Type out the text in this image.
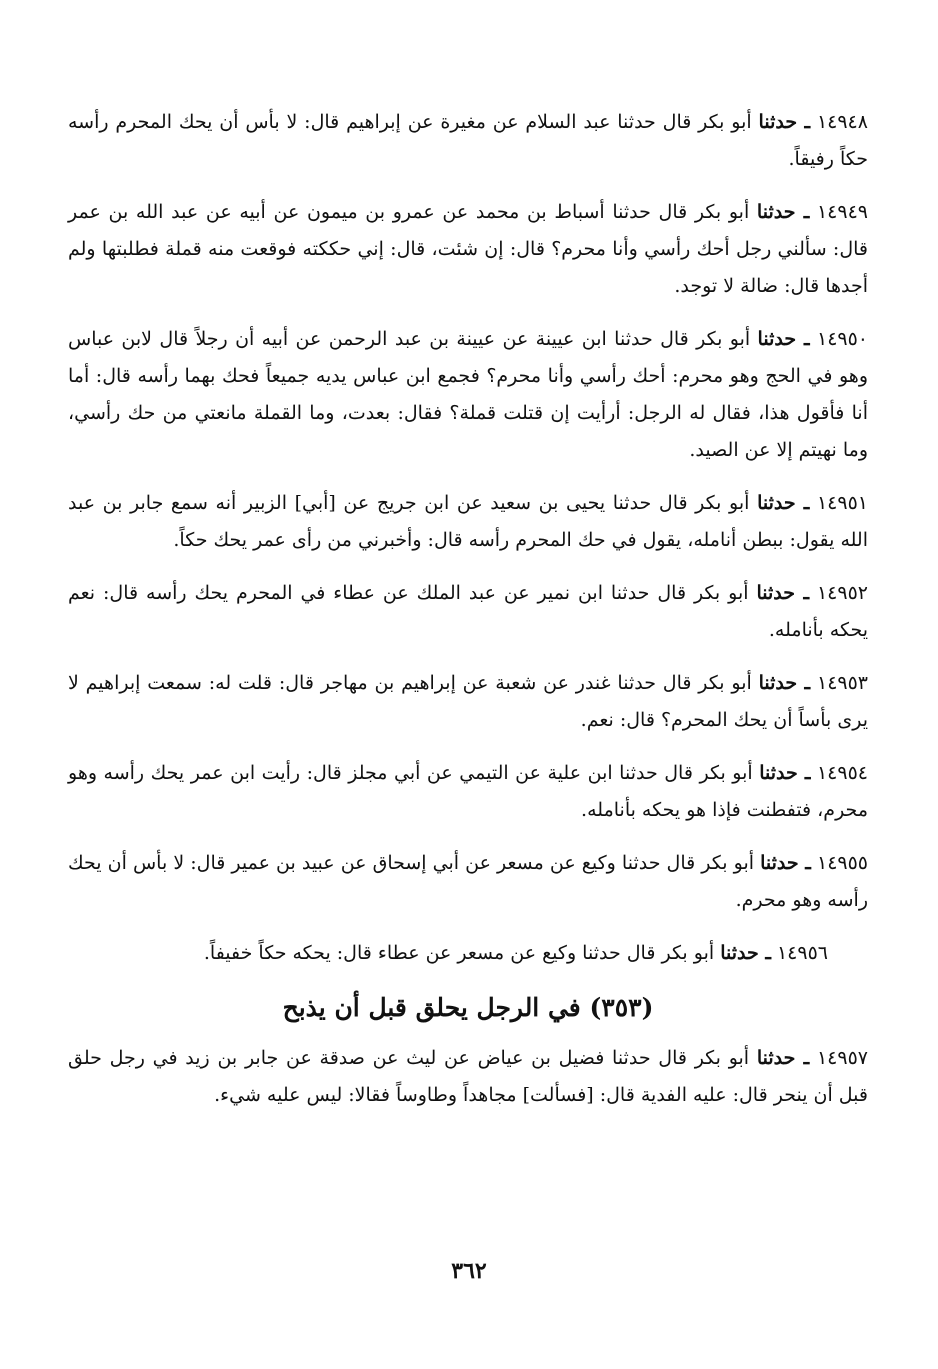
١٤٩٤٨ ـ حدثنا أبو بكر قال حدثنا عبد السلام عن مغيرة عن إبراهيم قال: لا بأس أن يحك المحرم رأسه حكاً رفيقاً.

١٤٩٤٩ ـ حدثنا أبو بكر قال حدثنا أسباط بن محمد عن عمرو بن ميمون عن أبيه عن عبد الله بن عمر قال: سألني رجل أحك رأسي وأنا محرم؟ قال: إن شئت، قال: إني حككته فوقعت منه قملة فطلبتها ولم أجدها قال: ضالة لا توجد.

١٤٩٥٠ ـ حدثنا أبو بكر قال حدثنا ابن عيينة عن عيينة بن عبد الرحمن عن أبيه أن رجلاً قال لابن عباس وهو في الحج وهو محرم: أحك رأسي وأنا محرم؟ فجمع ابن عباس يديه جميعاً فحك بهما رأسه قال: أما أنا فأقول هذا، فقال له الرجل: أرأيت إن قتلت قملة؟ فقال: بعدت، وما القملة مانعتي من حك رأسي، وما نهيتم إلا عن الصيد.

١٤٩٥١ ـ حدثنا أبو بكر قال حدثنا يحيى بن سعيد عن ابن جريج عن [أبي] الزبير أنه سمع جابر بن عبد الله يقول: ببطن أنامله، يقول في حك المحرم رأسه قال: وأخبرني من رأى عمر يحك حكاً.

١٤٩٥٢ ـ حدثنا أبو بكر قال حدثنا ابن نمير عن عبد الملك عن عطاء في المحرم يحك رأسه قال: نعم يحكه بأنامله.

١٤٩٥٣ ـ حدثنا أبو بكر قال حدثنا غندر عن شعبة عن إبراهيم بن مهاجر قال: قلت له: سمعت إبراهيم لا يرى بأساً أن يحك المحرم؟ قال: نعم.

١٤٩٥٤ ـ حدثنا أبو بكر قال حدثنا ابن علية عن التيمي عن أبي مجلز قال: رأيت ابن عمر يحك رأسه وهو محرم، فتفطنت فإذا هو يحكه بأنامله.

١٤٩٥٥ ـ حدثنا أبو بكر قال حدثنا وكيع عن مسعر عن أبي إسحاق عن عبيد بن عمير قال: لا بأس أن يحك رأسه وهو محرم.

١٤٩٥٦ ـ حدثنا أبو بكر قال حدثنا وكيع عن مسعر عن عطاء قال: يحكه حكاً خفيفاً.

(٣٥٣) في الرجل يحلق قبل أن يذبح

١٤٩٥٧ ـ حدثنا أبو بكر قال حدثنا فضيل بن عياض عن ليث عن صدقة عن جابر بن زيد في رجل حلق قبل أن ينحر قال: عليه الفدية قال: [فسألت] مجاهداً وطاوساً فقالا: ليس عليه شيء.

٣٦٢
